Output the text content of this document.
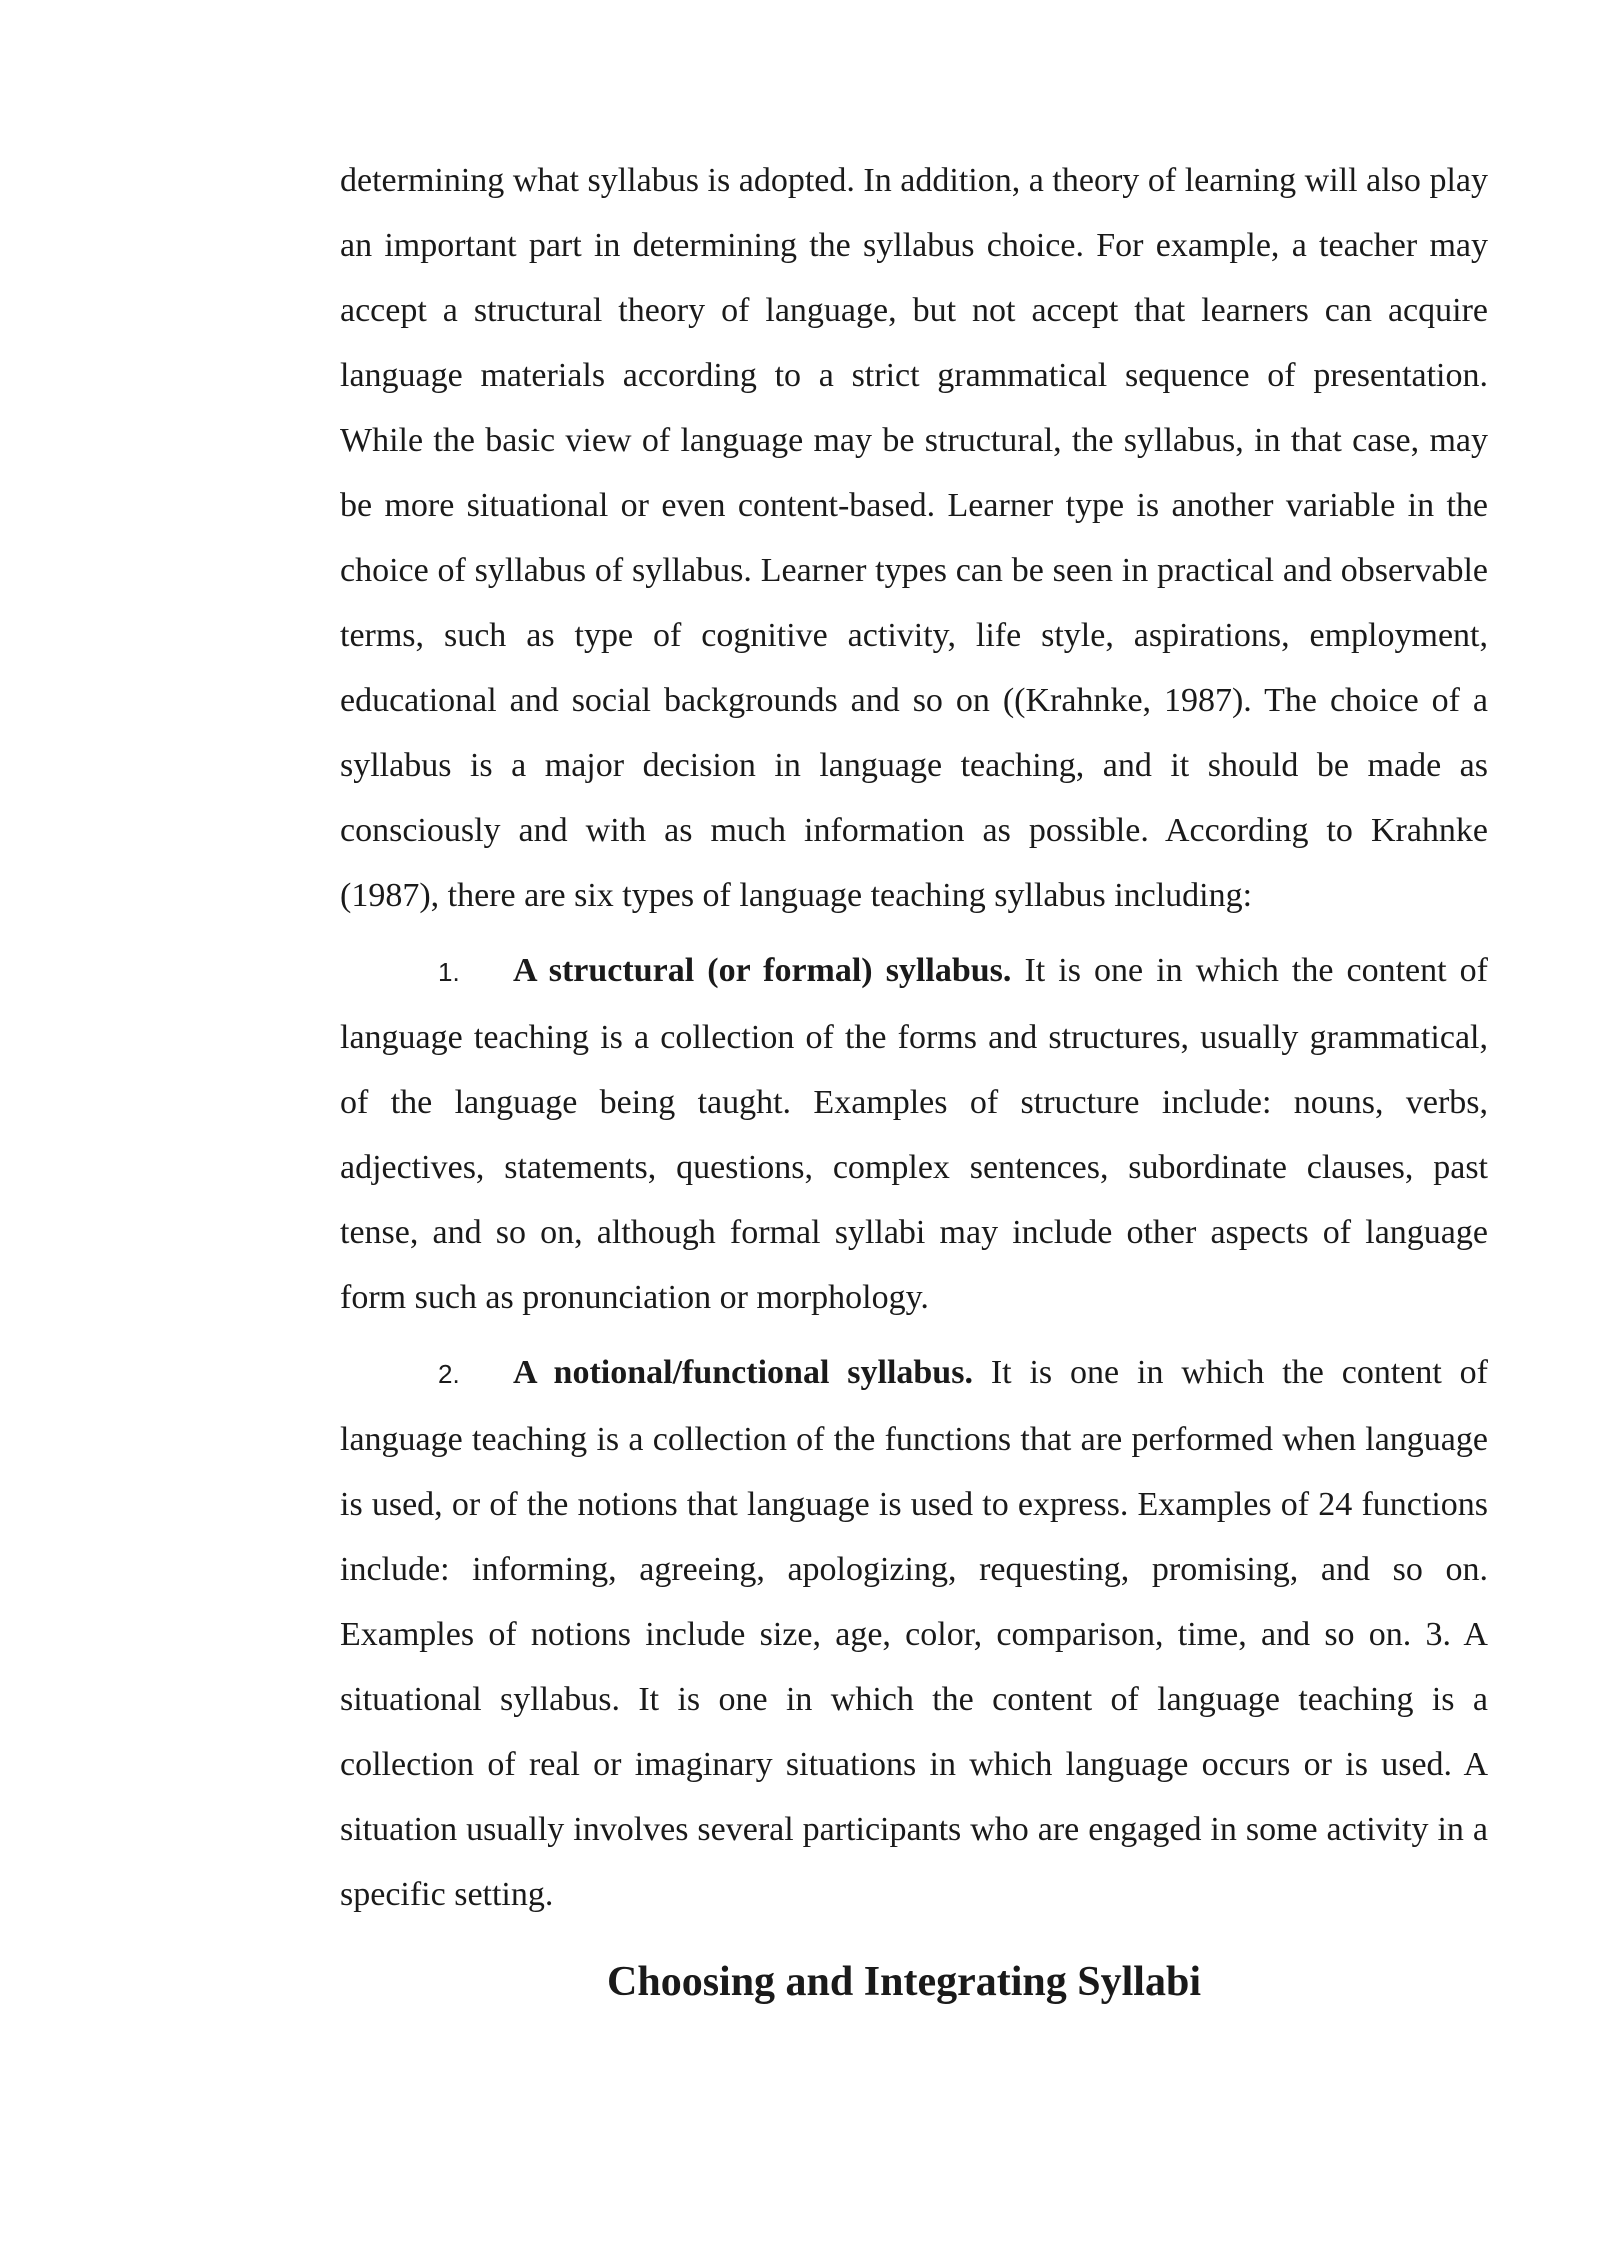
determining what syllabus is adopted. In addition, a theory of learning will also play an important part in determining the syllabus choice. For example, a teacher may accept a structural theory of language, but not accept that learners can acquire language materials according to a strict grammatical sequence of presentation. While the basic view of language may be structural, the syllabus, in that case, may be more situational or even content-based. Learner type is another variable in the choice of syllabus of syllabus. Learner types can be seen in practical and observable terms, such as type of cognitive activity, life style, aspirations, employment, educational and social backgrounds and so on ((Krahnke, 1987). The choice of a syllabus is a major decision in language teaching, and it should be made as consciously and with as much information as possible. According to Krahnke (1987), there are six types of language teaching syllabus including:

1. A structural (or formal) syllabus. It is one in which the content of language teaching is a collection of the forms and structures, usually grammatical, of the language being taught. Examples of structure include: nouns, verbs, adjectives, statements, questions, complex sentences, subordinate clauses, past tense, and so on, although formal syllabi may include other aspects of language form such as pronunciation or morphology.

2. A notional/functional syllabus. It is one in which the content of language teaching is a collection of the functions that are performed when language is used, or of the notions that language is used to express. Examples of 24 functions include: informing, agreeing, apologizing, requesting, promising, and so on. Examples of notions include size, age, color, comparison, time, and so on. 3. A situational syllabus. It is one in which the content of language teaching is a collection of real or imaginary situations in which language occurs or is used. A situation usually involves several participants who are engaged in some activity in a specific setting.

Choosing and Integrating Syllabi
